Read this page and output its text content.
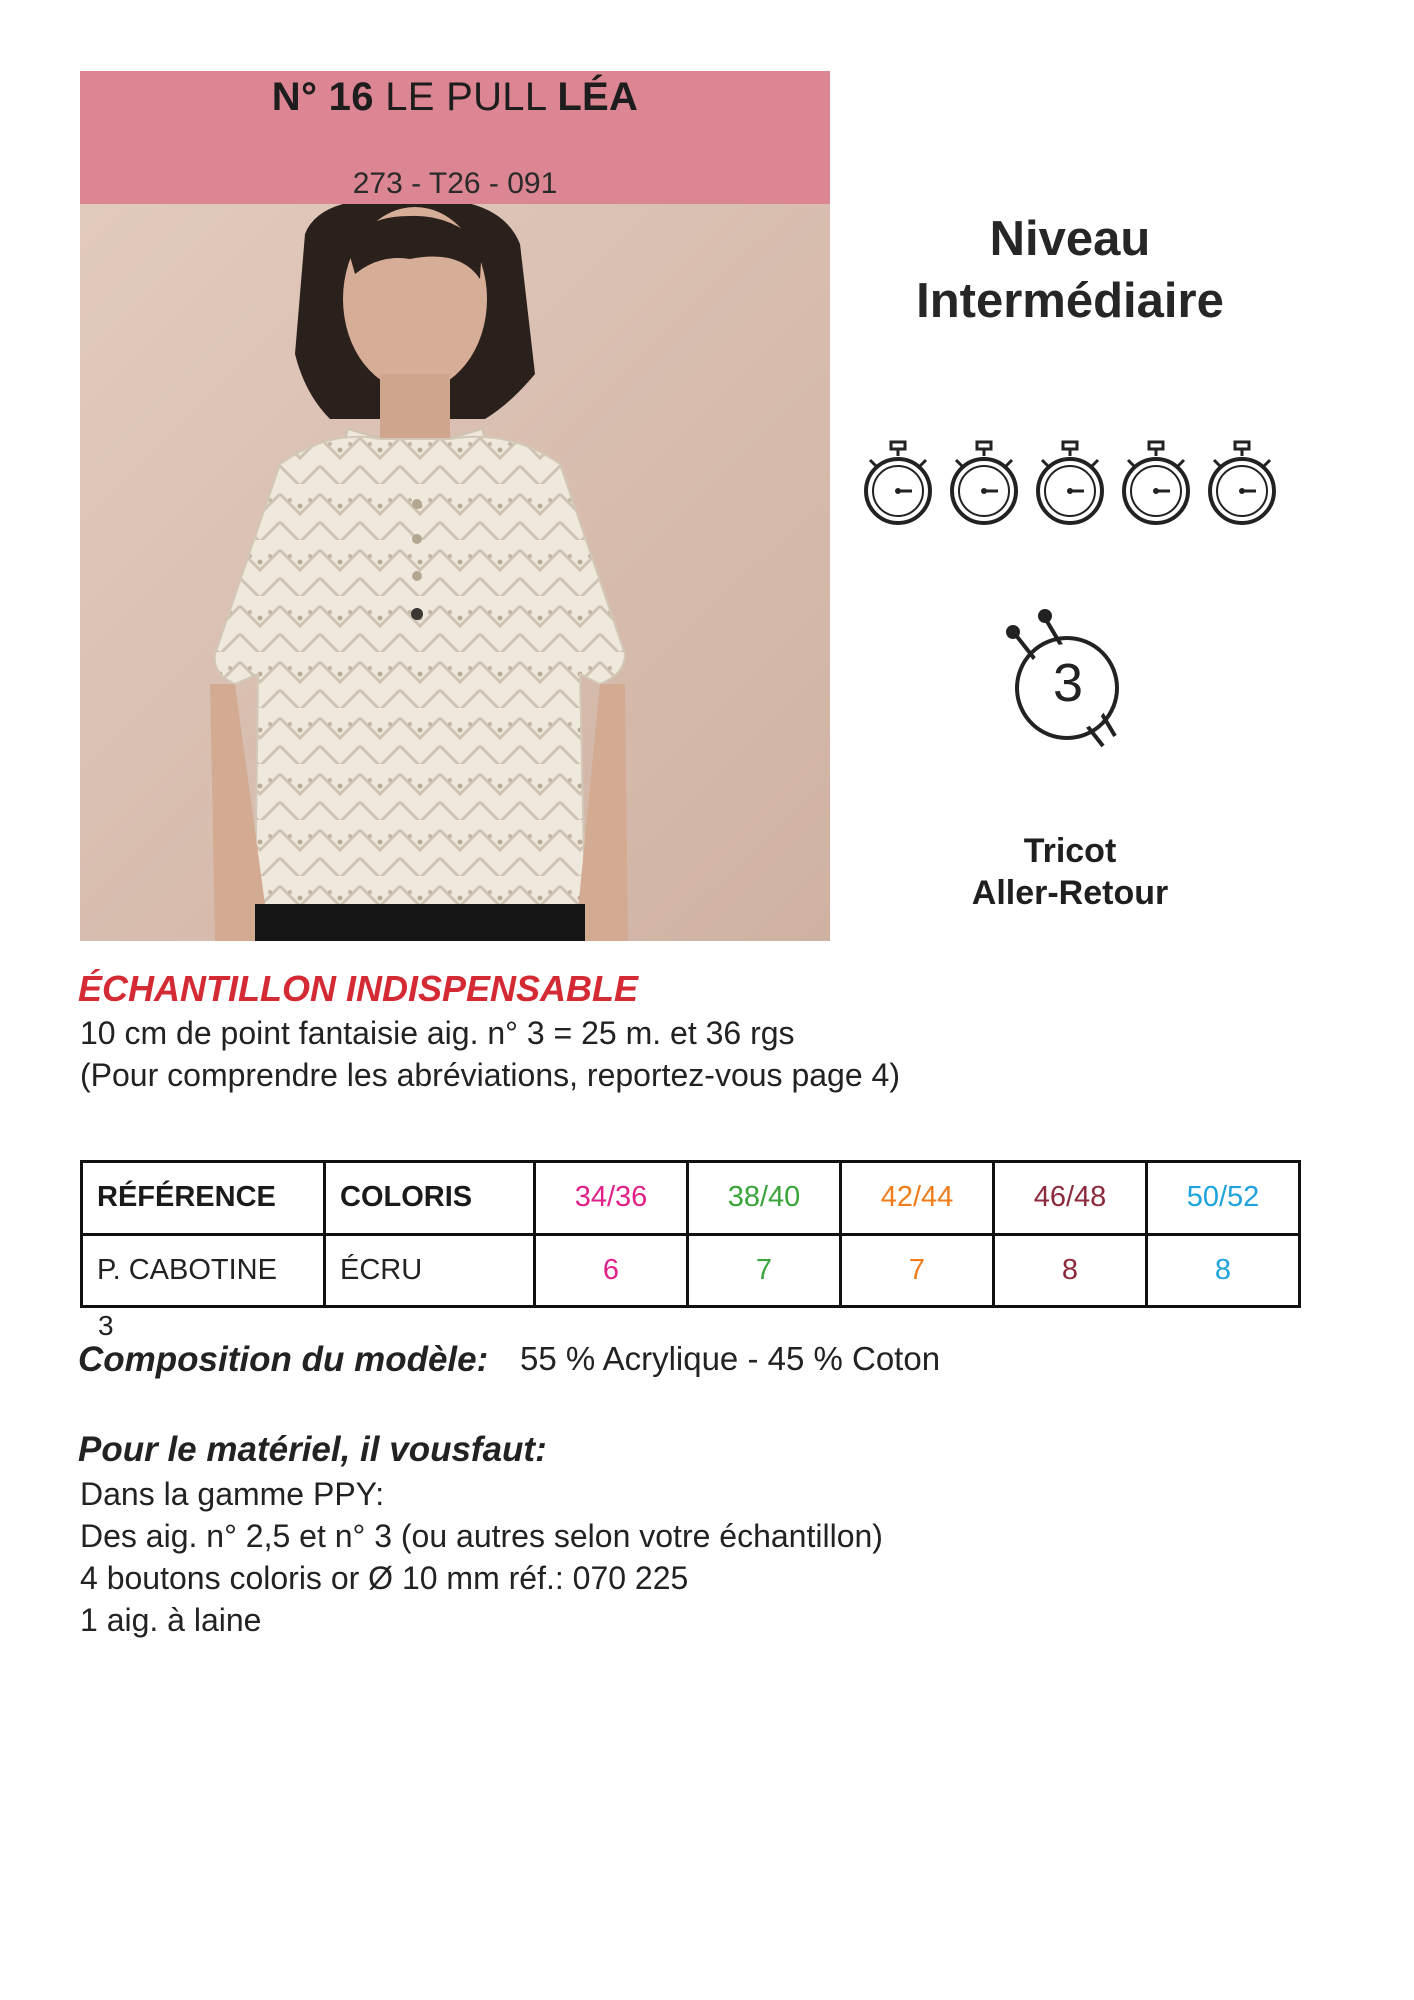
N° 16 LE PULL LÉA
273 - T26 - 091
Niveau
Intermédiaire
3
Tricot
Aller-Retour
ÉCHANTILLON INDISPENSABLE
10 cm de point fantaisie aig. n° 3 = 25 m. et 36 rgs
(Pour comprendre les abréviations, reportez-vous page 4)
RÉFÉRENCE	COLORIS	34/36	38/40	42/44	46/48	50/52
P. CABOTINE	ÉCRU	6	7	7	8	8
3
Composition du modèle: 55 % Acrylique - 45 % Coton
Pour le matériel, il vousfaut:
Dans la gamme PPY:
Des aig. n° 2,5 et n° 3 (ou autres selon votre échantillon)
4 boutons coloris or Ø 10 mm réf.: 070 225
1 aig. à laine
